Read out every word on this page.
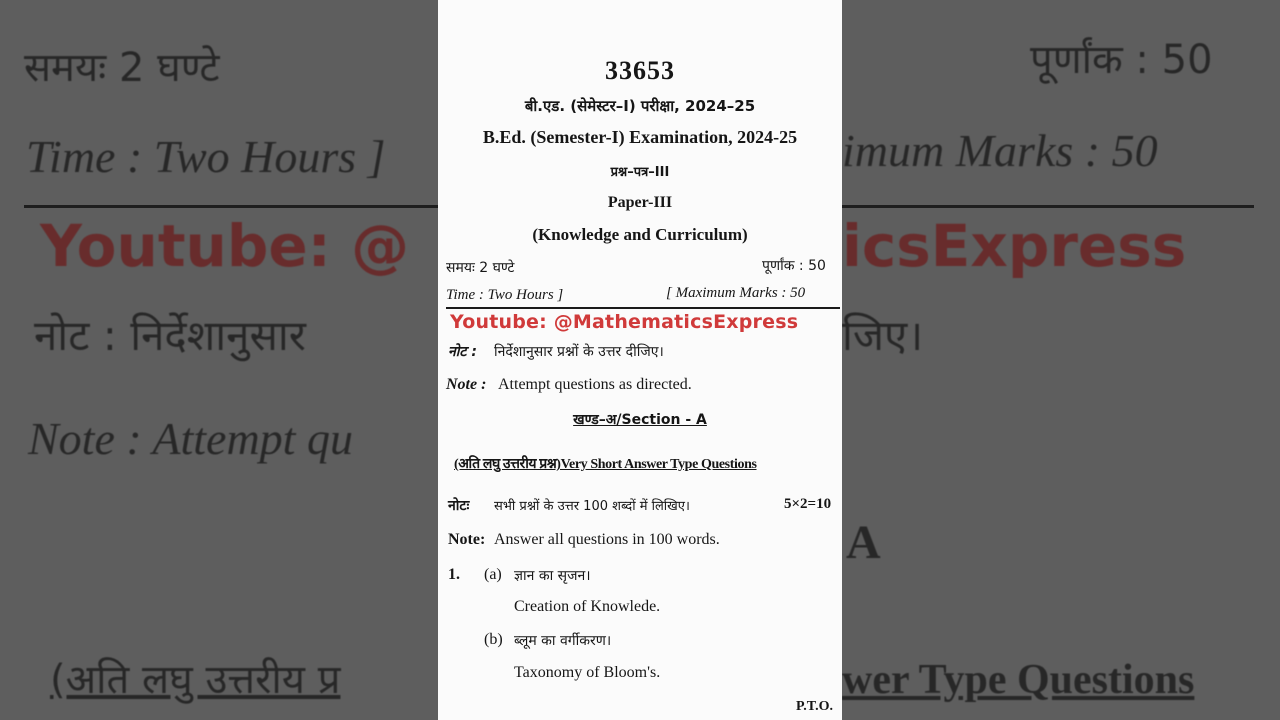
समयः 2 घण्टे	पूर्णांक : 50
Time : Two Hours ]	imum Marks : 50
Youtube: @	icsExpress
नोट : निर्देशानुसार	जिए।
Note : Attempt qu
A
(अति लघु उत्तरीय प्र	wer Type Questions
33653
बी.एड. (सेमेस्टर–I) परीक्षा, 2024–25
B.Ed. (Semester-I) Examination, 2024-25
प्रश्न–पत्र–III
Paper-III
(Knowledge and Curriculum)
समयः 2 घण्टे	पूर्णांक : 50
Time : Two Hours ]	[ Maximum Marks : 50
Youtube: @MathematicsExpress
नोट : निर्देशानुसार प्रश्नों के उत्तर दीजिए।
Note : Attempt questions as directed.
खण्ड–अ/Section - A
(अति लघु उत्तरीय प्रश्न)Very Short Answer Type Questions
नोटः सभी प्रश्नों के उत्तर 100 शब्दों में लिखिए।	5×2=10
Note: Answer all questions in 100 words.
1. (a) ज्ञान का सृजन।
Creation of Knowlede.
(b) ब्लूम का वर्गीकरण।
Taxonomy of Bloom's.
P.T.O.
